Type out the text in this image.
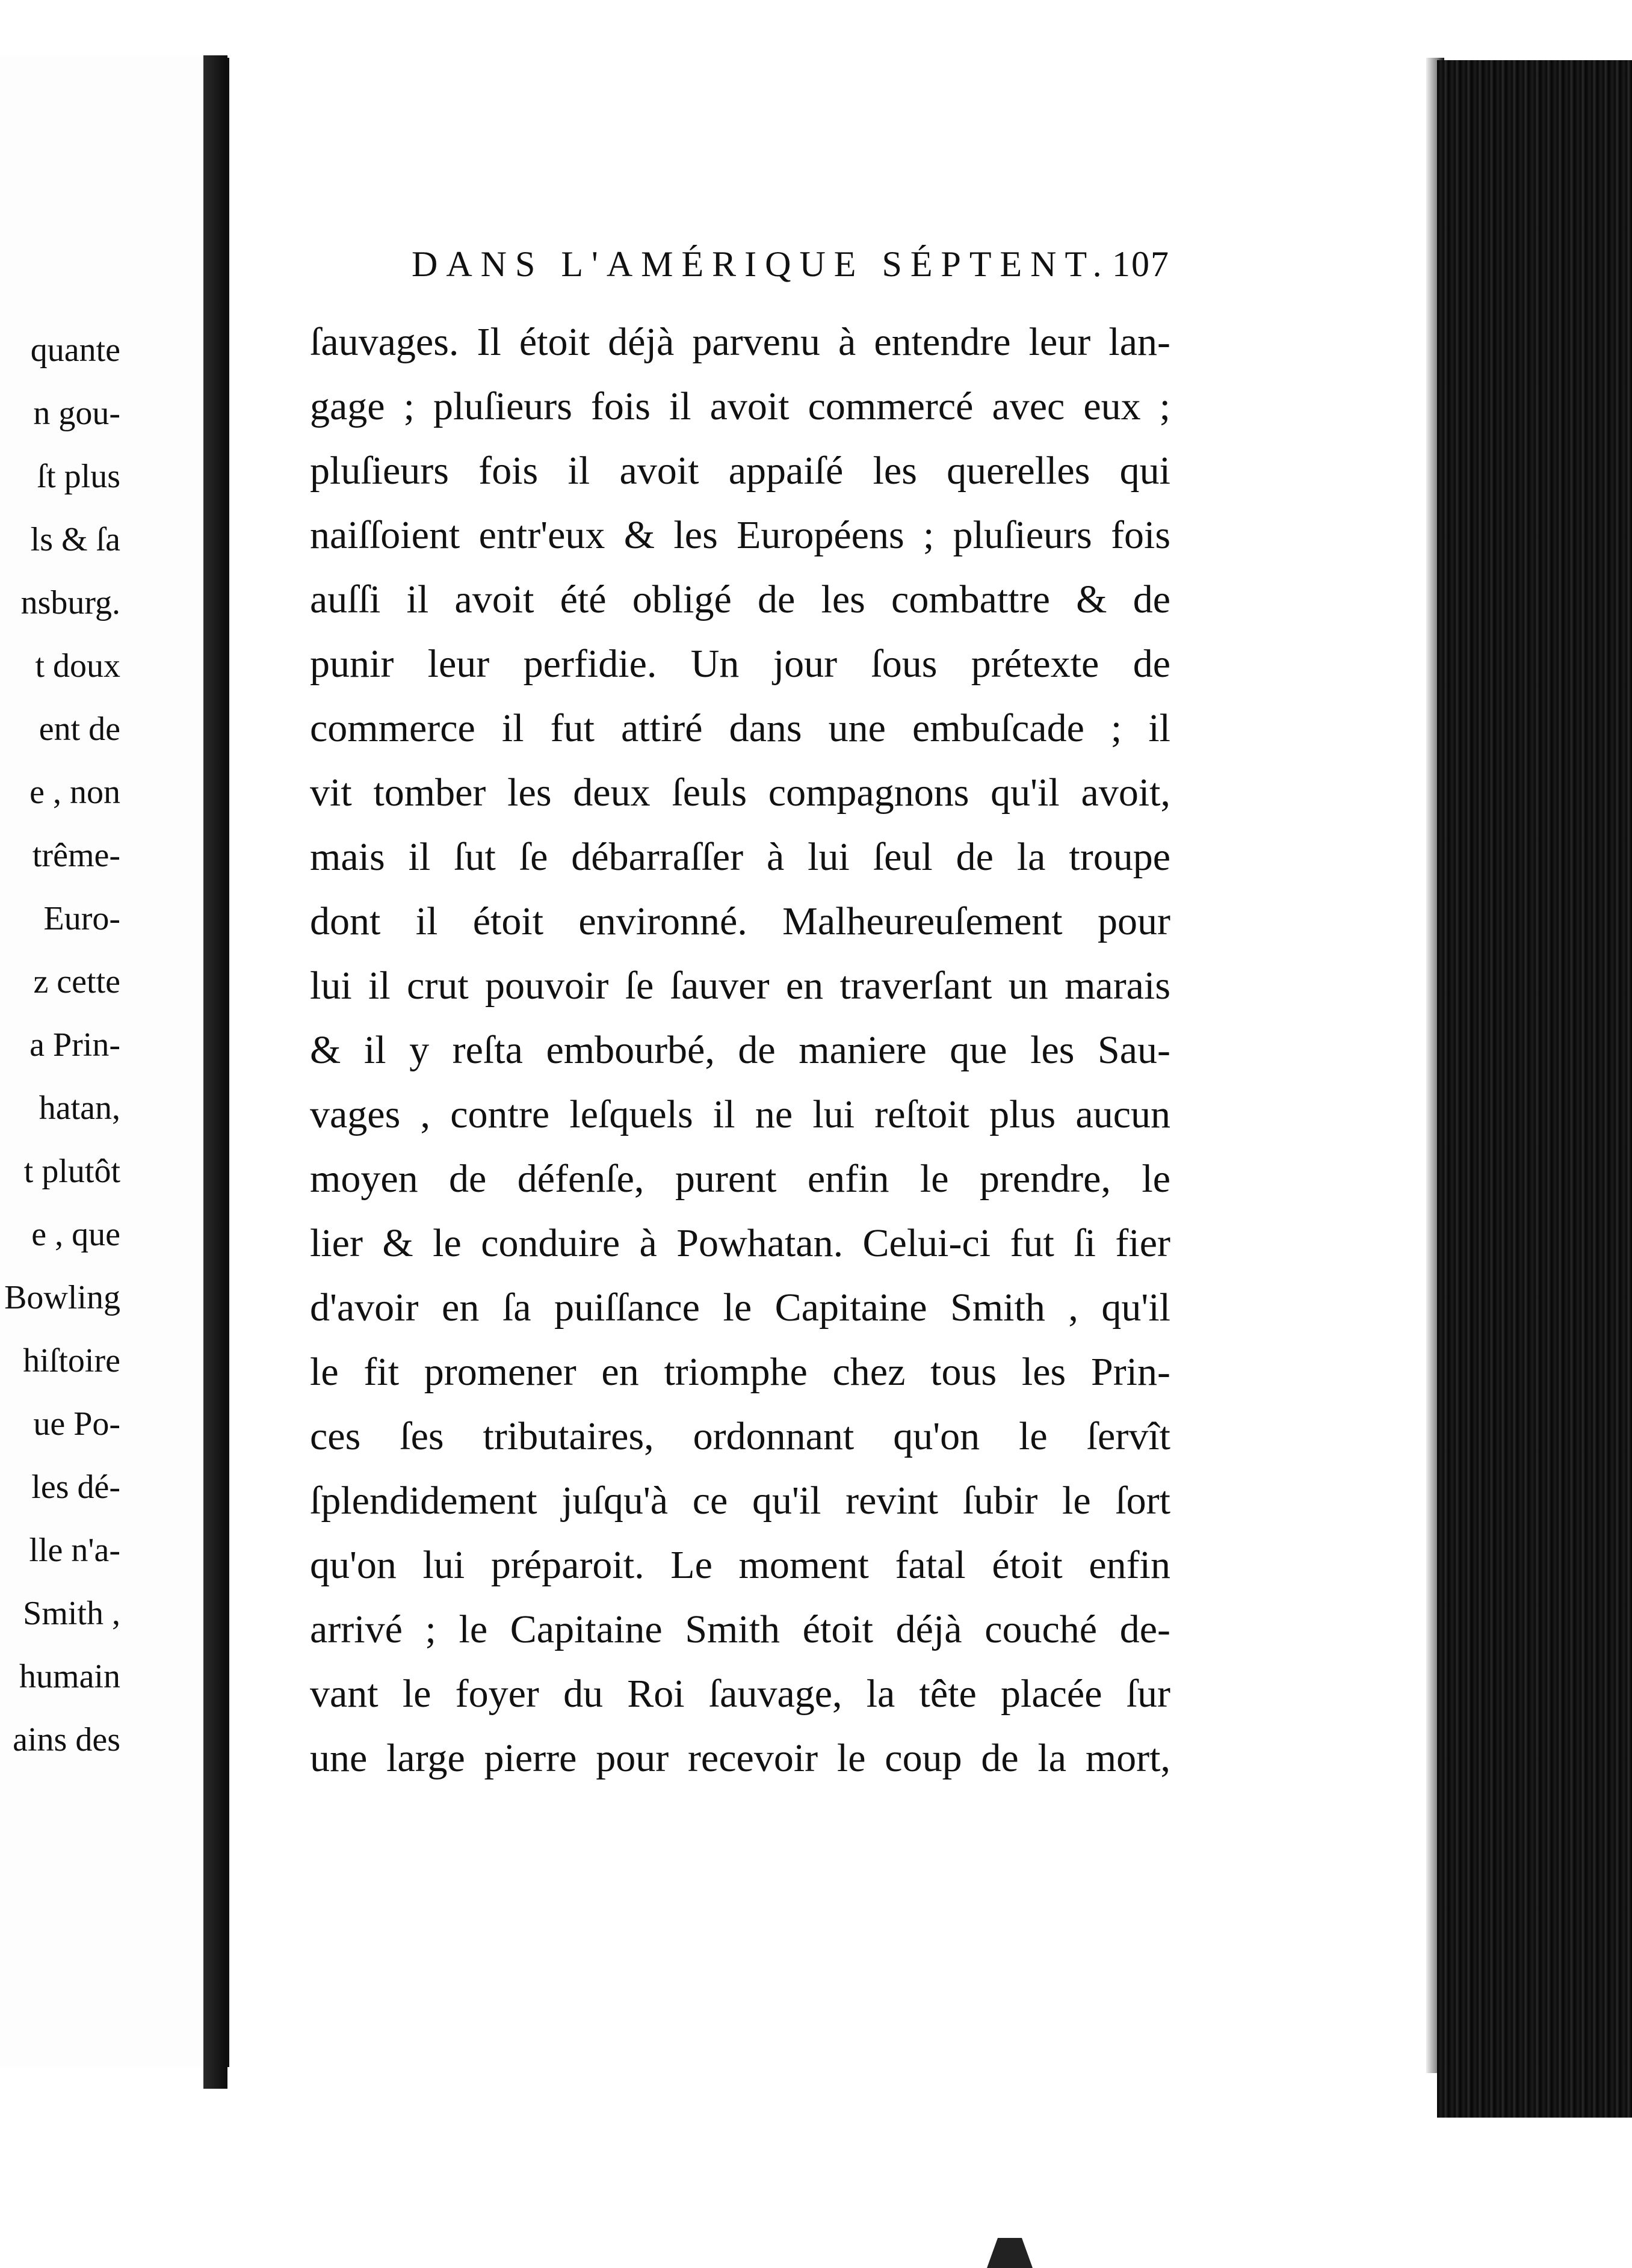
quante
n gou-
ſt plus
ls & ſa
nsburg.
t doux
ent de
e , non
trême-
Euro-
z cette
a Prin-
hatan,
t plutôt
e , que
Bowling
hiſtoire
ue Po-
les dé-
lle n'a-
Smith ,
humain
ains des
DANS L'AMÉRIQUE SÉPTENT. 107
ſauvages. Il étoit déjà parvenu à entendre leur lan-
gage ; pluſieurs fois il avoit commercé avec eux ;
pluſieurs fois il avoit appaiſé les querelles qui
naiſſoient entr'eux & les Européens ; pluſieurs fois
auſſi il avoit été obligé de les combattre & de
punir leur perfidie. Un jour ſous prétexte de
commerce il fut attiré dans une embuſcade ; il
vit tomber les deux ſeuls compagnons qu'il avoit,
mais il ſut ſe débarraſſer à lui ſeul de la troupe
dont il étoit environné. Malheureuſement pour
lui il crut pouvoir ſe ſauver en traverſant un marais
& il y reſta embourbé, de maniere que les Sau-
vages , contre leſquels il ne lui reſtoit plus aucun
moyen de défenſe, purent enfin le prendre, le
lier & le conduire à Powhatan. Celui-ci fut ſi fier
d'avoir en ſa puiſſance le Capitaine Smith , qu'il
le fit promener en triomphe chez tous les Prin-
ces ſes tributaires, ordonnant qu'on le ſervît
ſplendidement juſqu'à ce qu'il revint ſubir le ſort
qu'on lui préparoit. Le moment fatal étoit enfin
arrivé ; le Capitaine Smith étoit déjà couché de-
vant le foyer du Roi ſauvage, la tête placée ſur
une large pierre pour recevoir le coup de la mort,
